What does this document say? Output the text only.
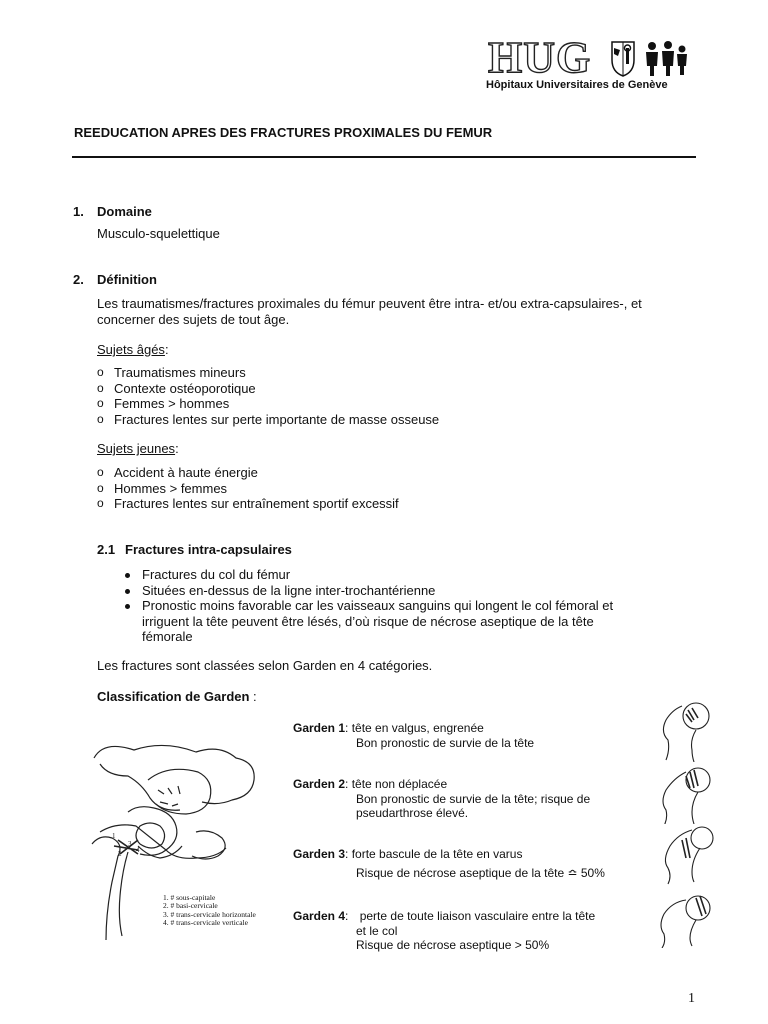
HUG
Hôpitaux Universitaires de Genève
REEDUCATION APRES DES FRACTURES PROXIMALES DU FEMUR
1. Domaine
Musculo-squelettique
2. Définition
Les traumatismes/fractures proximales du fémur peuvent être intra- et/ou extra-capsulaires-, et
concerner des sujets de tout âge.
Sujets âgés:
o Traumatismes mineurs
o Contexte ostéoporotique
o Femmes > hommes
o Fractures lentes sur perte importante de masse osseuse
Sujets jeunes:
o Accident à haute énergie
o Hommes > femmes
o Fractures lentes sur entraînement sportif excessif
2.1 Fractures intra-capsulaires
Fractures du col du fémur
Situées en-dessus de la ligne inter-trochantérienne
Pronostic moins favorable car les vaisseaux sanguins qui longent le col fémoral et
irriguent la tête peuvent être lésés, d’où risque de nécrose aseptique de la tête
fémorale
Les fractures sont classées selon Garden en 4 catégories.
Classification de Garden :
1
2
3
4
1. # sous-capitale
2. # basi-cervicale
3. # trans-cervicale horizontale
4. # trans-cervicale verticale
Garden 1: tête en valgus, engrenée
Bon pronostic de survie de la tête
Garden 2: tête non déplacée
Bon pronostic de survie de la tête; risque de
pseudarthrose élevé.
Garden 3: forte bascule de la tête en varus
Risque de nécrose aseptique de la tête ≏ 50%
Garden 4: perte de toute liaison vasculaire entre la tête
et le col
Risque de nécrose aseptique > 50%
1
